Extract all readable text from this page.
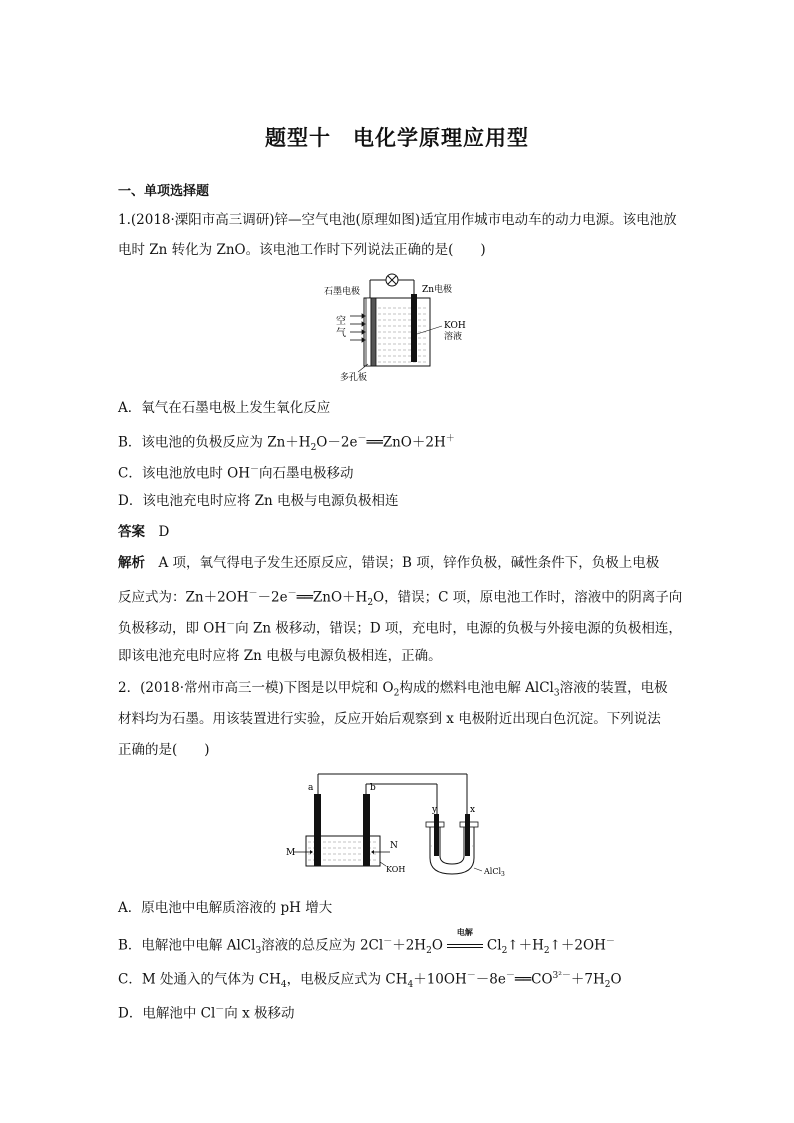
题型十　电化学原理应用型
一、单项选择题
1.(2018·溧阳市高三调研)锌—空气电池(原理如图)适宜用作城市电动车的动力电源。该电池放
电时 Zn 转化为 ZnO。该电池工作时下列说法正确的是(　　)
石墨电极	Zn电极
空
气
KOH
溶液
多孔板
A．氧气在石墨电极上发生氧化反应
B．该电池的负极反应为 $Zn+H_2O-2e^-══ZnO+2H^+$
C．该电池放电时 OH－向石墨电极移动
D．该电池充电时应将 Zn 电极与电源负极相连
答案　 D
解析　 A 项，氧气得电子发生还原反应，错误；B 项，锌作负极，碱性条件下，负极上电极
反应式为：$Zn+2OH^--2e^-══ZnO+H_2O$，错误；C 项，原电池工作时，溶液中的阴离子向
负极移动，即 OH－向 Zn 极移动，错误；D 项，充电时，电源的负极与外接电源的负极相连，
即该电池充电时应将 Zn 电极与电源负极相连，正确。
2．(2018·常州市高三一模)下图是以甲烷和 $O_2$构成的燃料电池电解 AlCl$_3$溶液的装置，电极
材料均为石墨。用该装置进行实验，反应开始后观察到 x 电极附近出现白色沉淀。下列说法
正确的是(　　)
a	b
y	x
M
N
KOH	AlCl$_3$
A．原电池中电解质溶液的 pH 增大
B．电解池中电解 AlCl$_3$溶液的总反应为 $2Cl^-+2H_2O$
电解
$Cl_2↑+H_2↑+2OH^-$
C．M 处通入的气体为 $CH_4$，电极反应式为 $CH_4+10OH^--8e^-══CO^{3^2-}+7H_2O$
D．电解池中 Cl－向 x 极移动
